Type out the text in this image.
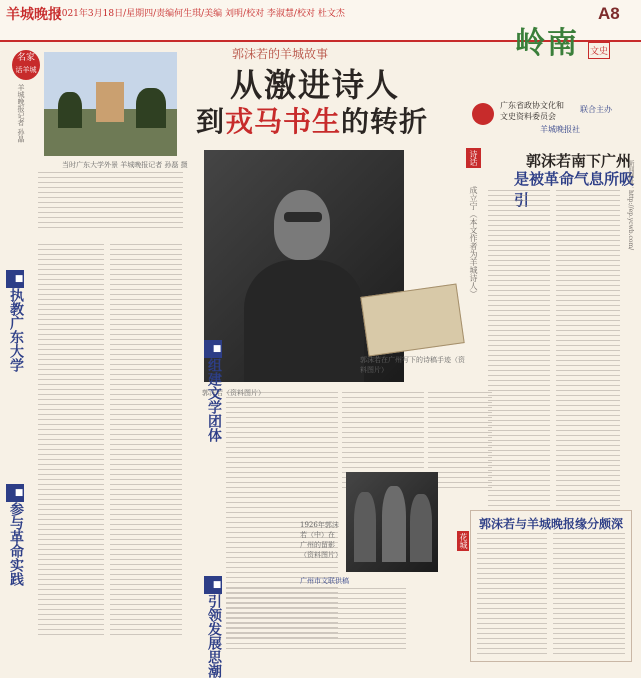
羊城晚报
2021年3月18日/星期四/责编何生琪/美编 刘明/校对 李淑慧/校对 杜文杰	A8
岭南 文史
郭沫若的羊城故事
从激进诗人
到戎马书生的转折
名家
话羊城
羊城晚报记者 孙晶
当时广东大学外景 羊城晚报记者 孙磊 摄
■
执教广东大学
■
参与革命实践
郭沫若（资料图片）
郭沫若在广州写下的诗稿手迹（资料图片）
1926年郭沫若（中）在广州的留影（资料图片）
广州市文联供稿
■
组建文学团体
■
引领发展思潮
广东省政协文化和文史资料委员会
联合主办
羊城晚报社
诗话
成立宁（本文作者为羊城诗人）
郭沫若南下广州
是被革命气息所吸引	新闻网址：http://ep.ycwb.com/
郭沫若与羊城晚报缘分颇深
花城
